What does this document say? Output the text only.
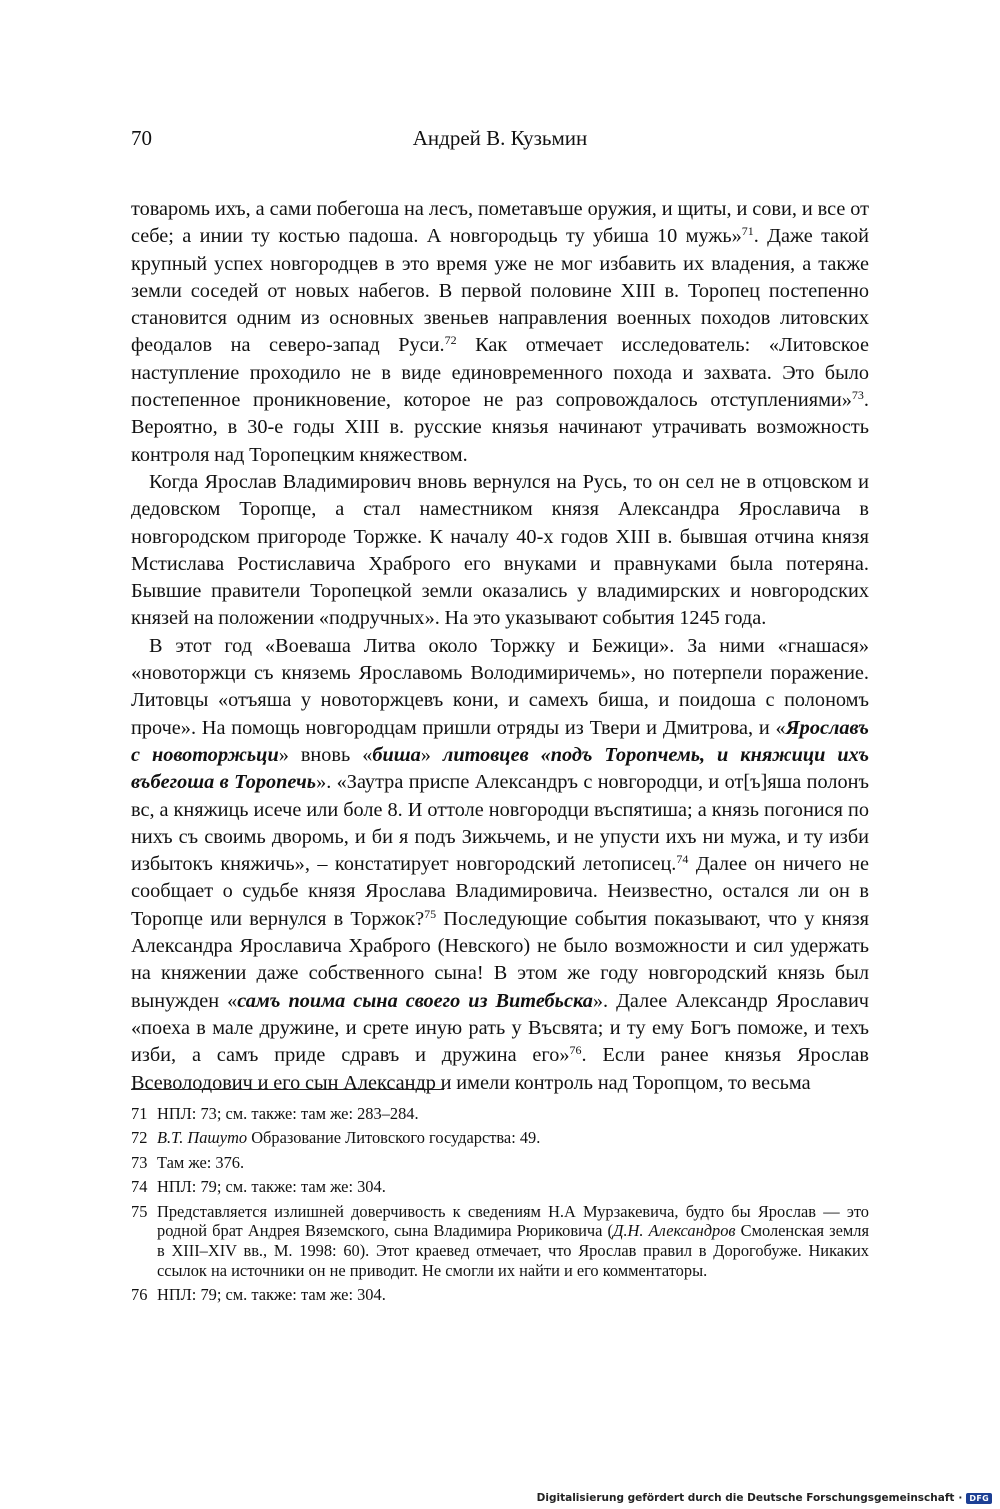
70	Андрей В. Кузьмин

товаромь ихъ, а сами побегоша на лесъ, пометавъше оружия, и щиты, и сови, и все от себе; а инии ту костью падоша. А новгородьць ту убиша 10 мужь»$^{71}$. Даже такой крупный успех новгородцев в это время уже не мог избавить их владения, а также земли соседей от новых набегов. В первой половине XIII в. Торопец постепенно становится одним из основных звеньев направления военных походов литовских феодалов на северо-запад Руси.$^{72}$ Как отмечает исследователь: «Литовское наступление проходило не в виде единовременного похода и захвата. Это было постепенное проникновение, которое не раз сопровождалось отступлениями»$^{73}$. Вероятно, в 30-е годы XIII в. русские князья начинают утрачивать возможность контроля над Торопецким княжеством.

Когда Ярослав Владимирович вновь вернулся на Русь, то он сел не в отцовском и дедовском Торопце, а стал наместником князя Александра Ярославича в новгородском пригороде Торжке. К началу 40-х годов XIII в. бывшая отчина князя Мстислава Ростиславича Храброго его внуками и правнуками была потеряна. Бывшие правители Торопецкой земли оказались у владимирских и новгородских князей на положении «подручных». На это указывают события 1245 года.

В этот год «Воеваша Литва около Торжку и Бежици». За ними «гнашася» «новоторжци съ княземь Ярославомь Володимиричемь», но потерпели поражение. Литовцы «отъяша у новоторжцевъ кони, и самехъ биша, и поидоша с полономъ проче». На помощь новгородцам пришли отряды из Твери и Дмитрова, и «Ярославъ с новоторжьци» вновь «биша» литовцев «подъ Торопчемь, и княжици ихъ въбегоша в Торопечь». «Заутра приспе Александръ с новгородци, и от[ъ]яша полонъ вс, а княжиць исече или боле 8. И оттоле новгородци въспятиша; а князь погонися по нихъ съ своимь дворомь, и би я подъ Зижьчемь, и не упусти ихъ ни мужа, и ту изби избытокъ княжичь», – констатирует новгородский летописец.$^{74}$ Далее он ничего не сообщает о судьбе князя Ярослава Владимировича. Неизвестно, остался ли он в Торопце или вернулся в Торжок?$^{75}$ Последующие события показывают, что у князя Александра Ярославича Храброго (Невского) не было возможности и сил удержать на княжении даже собственного сына! В этом же году новгородский князь был вынужден «самъ поима сына своего из Витебьска». Далее Александр Ярославич «поеха в мале дружине, и срете иную рать у Въсвята; и ту ему Богъ поможе, и техъ изби, а самъ приде сдравъ и дружина его»$^{76}$. Если ранее князья Ярослав Всеволодович и его сын Александр и имели контроль над Торопцом, то весьма

71 НПЛ: 73; см. также: там же: 283–284.
72 В.Т. Пашуто Образование Литовского государства: 49.
73 Там же: 376.
74 НПЛ: 79; см. также: там же: 304.
75 Представляется излишней доверчивость к сведениям Н.А Мурзакевича, будто бы Ярослав — это родной брат Андрея Вяземского, сына Владимира Рюриковича (Д.Н. Александров Смоленская земля в XIII–XIV вв., М. 1998: 60). Этот краевед отмечает, что Ярослав правил в Дорогобуже. Никаких ссылок на источники он не приводит. Не смогли их найти и его комментаторы.
76 НПЛ: 79; см. также: там же: 304.
Digitalisierung gefördert durch die Deutsche Forschungsgemeinschaft · DFG
